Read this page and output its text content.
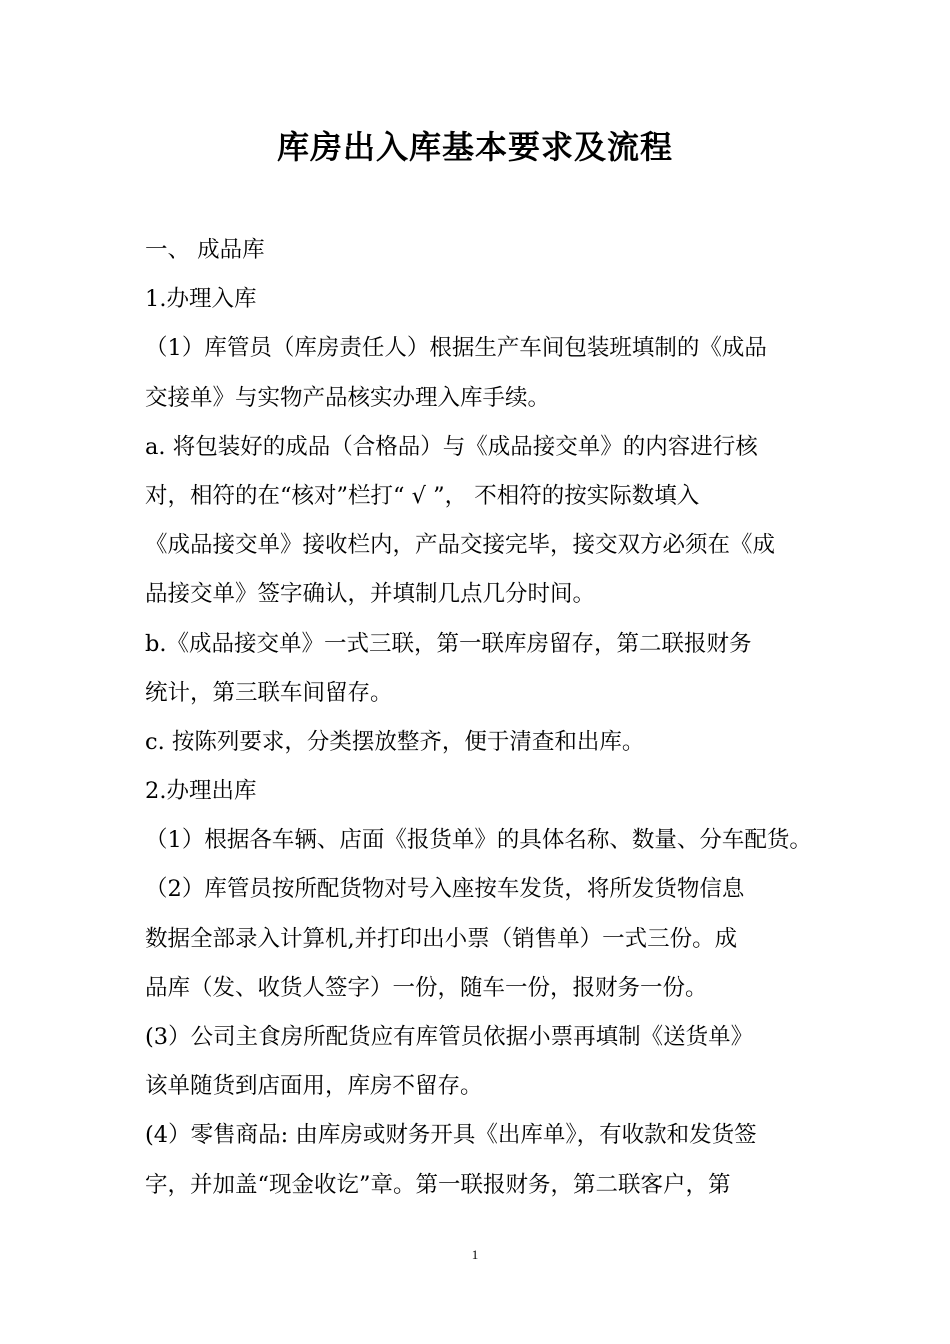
库房出入库基本要求及流程
一、 成品库
1.办理入库
（1）库管员（库房责任人）根据生产车间包装班填制的《成品
交接单》与实物产品核实办理入库手续。
a. 将包装好的成品（合格品）与《成品接交单》的内容进行核
对，相符的在“核对”栏打“ √ ”， 不相符的按实际数填入
《成品接交单》接收栏内，产品交接完毕，接交双方必须在《成
品接交单》签字确认，并填制几点几分时间。
b.《成品接交单》一式三联，第一联库房留存，第二联报财务
统计，第三联车间留存。
c. 按陈列要求，分类摆放整齐，便于清查和出库。
2.办理出库
（1）根据各车辆、店面《报货单》的具体名称、数量、分车配货。
（2）库管员按所配货物对号入座按车发货，将所发货物信息
数据全部录入计算机,并打印出小票（销售单）一式三份。成
品库（发、收货人签字）一份，随车一份，报财务一份。
(3）公司主食房所配货应有库管员依据小票再填制《送货单》
该单随货到店面用，库房不留存。
(4）零售商品: 由库房或财务开具《出库单》，有收款和发货签
字，并加盖“现金收讫”章。第一联报财务，第二联客户，第
1
